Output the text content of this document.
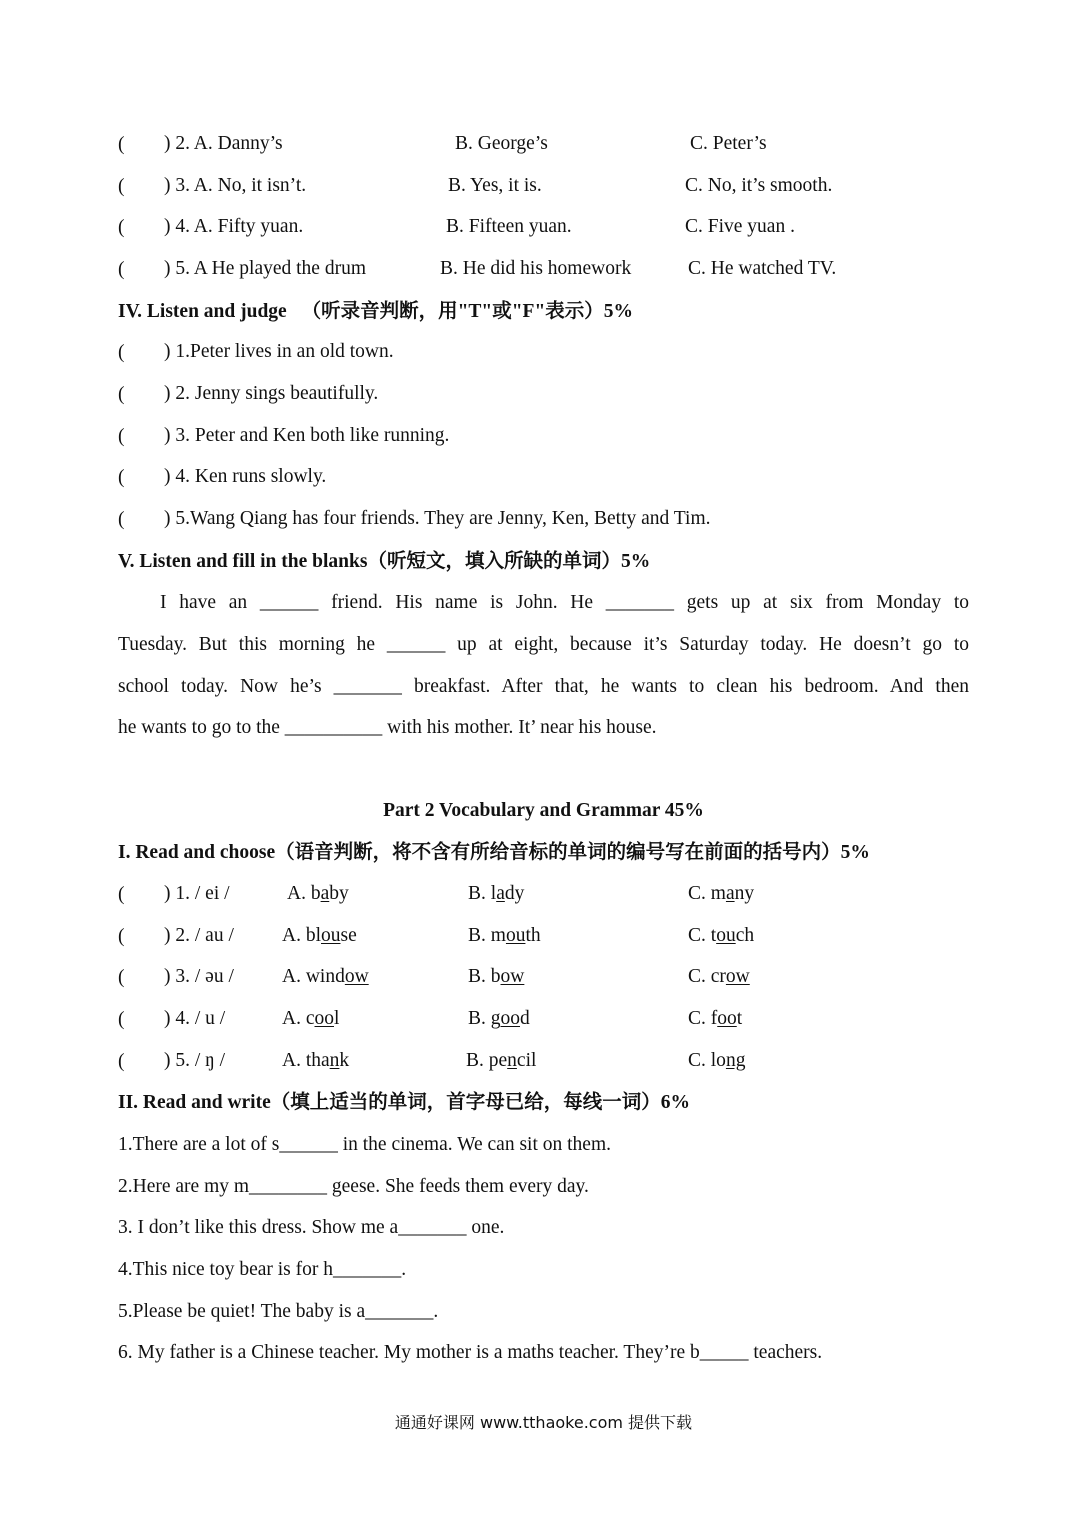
( ) 2. A. Danny’s	B. George’s	C. Peter’s
( ) 3. A. No, it isn’t.	B. Yes, it is.	C. No, it’s smooth.
( ) 4. A. Fifty yuan.	B. Fifteen yuan.	C. Five yuan .
( ) 5. A He played the drum	B. He did his homework	C. He watched TV.
IV. Listen and judge （听录音判断，用"T"或"F"表示）5%
( ) 1.Peter lives in an old town.
( ) 2. Jenny sings beautifully.
( ) 3. Peter and Ken both like running.
( ) 4. Ken runs slowly.
( ) 5.Wang Qiang has four friends. They are Jenny, Ken, Betty and Tim.
V. Listen and fill in the blanks（听短文，填入所缺的单词）5%
I have an ______ friend. His name is John. He _______ gets up at six from Monday to
Tuesday. But this morning he ______ up at eight, because it’s Saturday today. He doesn’t go to
school today. Now he’s _______ breakfast. After that, he wants to clean his bedroom. And then
he wants to go to the __________ with his mother. It’ near his house.
Part 2 Vocabulary and Grammar 45%
I. Read and choose（语音判断，将不含有所给音标的单词的编号写在前面的括号内）5%
( ) 1. / ei /	A. baby	B. lady	C. many
( ) 2. / au / A. blouse	B. mouth	C. touch
( ) 3. / əu / A. window	B. bow	C. crow
( ) 4. / u /	A. cool	B. good	C. foot
( ) 5. / ŋ /	A. thank	B. pencil	C. long
II. Read and write（填上适当的单词，首字母已给，每线一词）6%
1.There are a lot of s______ in the cinema. We can sit on them.
2.Here are my m________ geese. She feeds them every day.
3. I don’t like this dress. Show me a_______ one.
4.This nice toy bear is for h_______.
5.Please be quiet! The baby is a_______.
6. My father is a Chinese teacher. My mother is a maths teacher. They’re b_____ teachers.
通通好课网 www.tthaoke.com 提供下载
